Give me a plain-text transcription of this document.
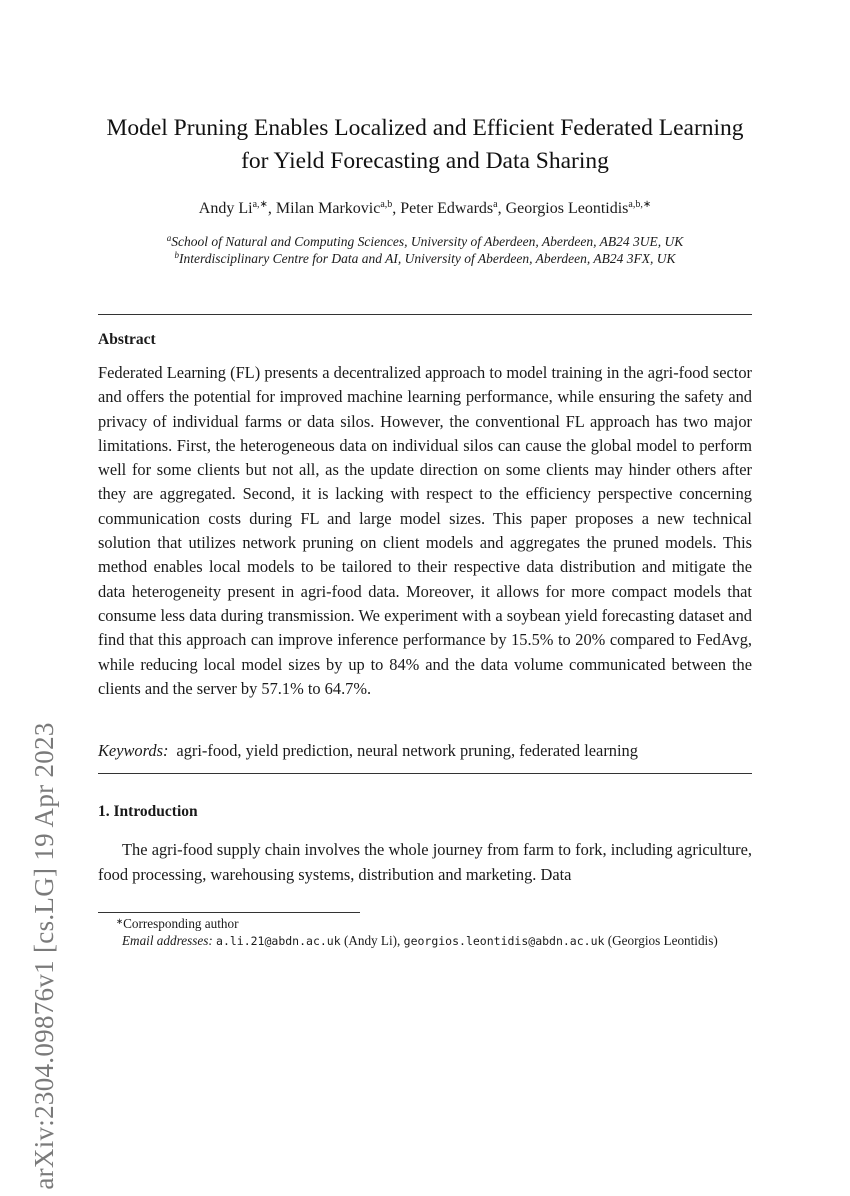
arXiv:2304.09876v1 [cs.LG] 19 Apr 2023
Model Pruning Enables Localized and Efficient Federated Learning for Yield Forecasting and Data Sharing
Andy $Li^{a,∗}$, Milan Markovic$^{a,b}$, Peter Edwards$^a$, Georgios Leontidis$^{a,b,∗}$
$^a$School of Natural and Computing Sciences, University of Aberdeen, Aberdeen, AB24 3UE, UK
$^b$Interdisciplinary Centre for Data and AI, University of Aberdeen, Aberdeen, AB24 3FX, UK
Abstract
Federated Learning (FL) presents a decentralized approach to model training in the agri-food sector and offers the potential for improved machine learning performance, while ensuring the safety and privacy of individual farms or data silos. However, the conventional FL approach has two major limitations. First, the heterogeneous data on individual silos can cause the global model to perform well for some clients but not all, as the update direction on some clients may hinder others after they are aggregated. Second, it is lacking with respect to the efficiency perspective concerning communication costs during FL and large model sizes. This paper proposes a new technical solution that utilizes network pruning on client models and aggregates the pruned models. This method enables local models to be tailored to their respective data distribution and mitigate the data heterogeneity present in agri-food data. Moreover, it allows for more compact models that consume less data during transmission. We experiment with a soybean yield forecasting dataset and find that this approach can improve inference performance by 15.5% to 20% compared to FedAvg, while reducing local model sizes by up to 84% and the data volume communicated between the clients and the server by 57.1% to 64.7%.
Keywords: agri-food, yield prediction, neural network pruning, federated learning
1. Introduction
The agri-food supply chain involves the whole journey from farm to fork, including agriculture, food processing, warehousing systems, distribution and marketing. Data
∗Corresponding author
Email addresses: a.li.21@abdn.ac.uk (Andy Li), georgios.leontidis@abdn.ac.uk (Georgios Leontidis)
